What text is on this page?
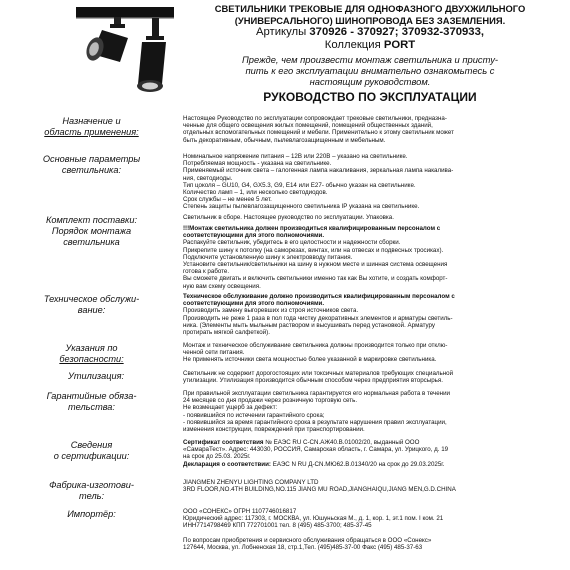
СВЕТИЛЬНИКИ ТРЕКОВЫЕ ДЛЯ ОДНОФАЗНОГО ДВУХЖИЛЬНОГО
(УНИВЕРСАЛЬНОГО) ШИНОПРОВОДА БЕЗ ЗАЗЕМЛЕНИЯ.
Артикулы 370926 - 370927; 370932-370933,
Коллекция PORT
Прежде, чем произвести монтаж светильника и присту-
пить к его эксплуатации внимательно ознакомьтесь с
настоящим руководством.
РУКОВОДСТВО ПО ЭКСПЛУАТАЦИИ
Назначение и
область применения:
Настоящее Руководство по эксплуатации сопровождает трековые светильники, предназна-
ченные для общего освещения жилых помещений, помещений общественных зданий,
отдельных вспомогательных помещений и мебели. Применительно к этому светильник может
быть декоративным, обычным, пылевлагозащищенным и мебельным.
Основные параметры
светильника:
Номинальное напряжение питания – 12В или 220В – указано на светильнике.
Потребляемая мощность - указана на светильнике.
Применяемый источник света – галогенная лампа накаливания, зеркальная лампа накалива-
ния, светодиоды.
Тип цоколя – GU10, G4, GX5.3, G9, E14 или E27- обычно указан на светильнике.
Количество ламп – 1, или несколько светодиодов.
Срок службы – не менее 5 лет.
Степень защиты пылевлагозащищенного светильника IP указана на светильнике.
Комплект поставки:	Светильник в сборе. Настоящее руководство по эксплуатации. Упаковка.
Порядок монтажа
светильника
!!!Монтаж светильника должен производиться квалифицированным персоналом с
соответствующими для этого полномочиями.
Распакуйте светильник, убедитесь в его целостности и надежности сборки.
Прикрепите шину к потолку (на саморезах, винтах, или на отвесах и подвесных тросиках).
Подключите установленную шину к электровводу питания.
Установите светильник/светильники на шину в нужном месте и шинная система освещения
готова к работе.
Вы сможете двигать и включить светильники именно так как Вы хотите, и создать комфорт-
ную вам схему освещения.
Техническое обслужи-
вание:
Техническое обслуживание должно производиться квалифицированным персоналом с
соответствующими для этого полномочиями.
Производить замену выгоревших из строя источников света.
Производить не реже 1 раза в пол года чистку декоративных элементов и арматуры светиль-
ника. (Элементы мыть мыльным раствором и высушивать перед установкой. Арматуру
протирать мягкой салфеткой).
Указания по
безопасности:
Монтаж и техническое обслуживание светильника должны производится только при отклю-
ченной сети питания.
Не применять источники света мощностью более указанной в маркировке светильника.
Утилизация:	Светильник не содержит дорогостоящих или токсичных материалов требующих специальной
утилизации. Утилизация производится обычным способом через предприятия вторсырья.
Гарантийные обяза-
тельства:
При правильной эксплуатации светильника гарантируется его нормальная работа в течении
24 месяцев со дня продажи через розничную торговую сеть.
Не возмещает ущерб за дефект:
- появившийся по истечении гарантийного срока;
- появившийся за время гарантийного срока в результате нарушения правил эксплуатации,
изменения конструкции, повреждений при транспортировании.
Сведения
о сертификации:
Сертификат соответствия № ЕАЭС RU C-CN.АЖ40.В.01002/20, выданный ООО
«СамараТест». Адрес: 443030, РОССИЯ, Самарская область, г. Самара, ул. Урицкого, д. 19
на срок до 25.03. 2025г.
Декларация о соответствии: ЕАЭС N RU Д-CN.МЮ62.В.01340/20 на срок до 29.03.2025г.
Фабрика-изготови-
тель:
JIANGMEN ZHENYU LIGHTING COMPANY LTD
3RD FLOOR,NO.4TH BUILDING,NO.115 JIANG MU ROAD,JIANGHAIQU,JIANG MEN,G.D.CHINA
Импортёр:	ООО «СОНЕКС» ОГРН 1107746016817
Юридический адрес: 117303, г. МОСКВА, ул. Юшуньская М., д. 1, кор. 1, эт.1 пом. I ком. 21
ИНН7714798469 КПП 772701001 тел. 8 (495) 485-3700; 485-37-45
По вопросам приобретения и сервисного обслуживания обращаться в ООО «Сонекс»
127644, Москва, ул. Лобненская 18, стр.1,Тел. (495)485-37-00 Факс (495) 485-37-63
